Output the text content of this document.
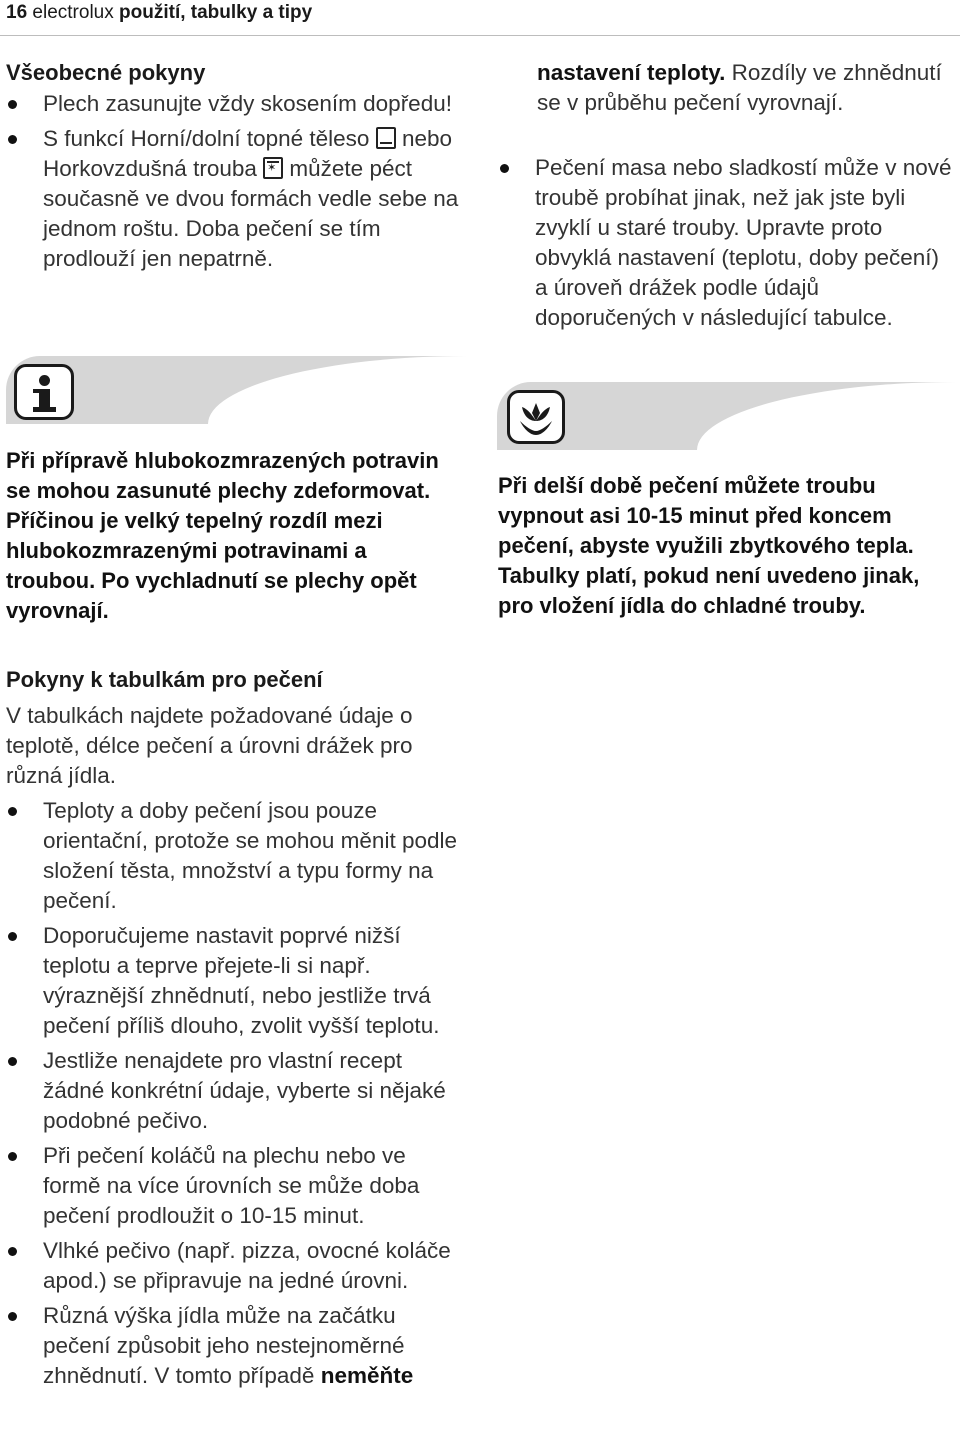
16 electrolux použití, tabulky a tipy
Všeobecné pokyny
Plech zasunujte vždy skosením dopředu!
S funkcí Horní/dolní topné těleso nebo Horkovzdušná trouba ✶ můžete péct současně ve dvou formách vedle sebe na jednom roštu. Doba pečení se tím prodlouží jen nepatrně.
Při přípravě hlubokozmrazených potravin se mohou zasunuté plechy zdeformovat. Příčinou je velký tepelný rozdíl mezi hlubokozmrazenými potravinami a troubou. Po vychladnutí se plechy opět vyrovnají.
Pokyny k tabulkám pro pečení
V tabulkách najdete požadované údaje o teplotě, délce pečení a úrovni drážek pro různá jídla.
Teploty a doby pečení jsou pouze orientační, protože se mohou měnit podle složení těsta, množství a typu formy na pečení.
Doporučujeme nastavit poprvé nižší teplotu a teprve přejete-li si např. výraznější zhnědnutí, nebo jestliže trvá pečení příliš dlouho, zvolit vyšší teplotu.
Jestliže nenajdete pro vlastní recept žádné konkrétní údaje, vyberte si nějaké podobné pečivo.
Při pečení koláčů na plechu nebo ve formě na více úrovních se může doba pečení prodloužit o 10-15 minut.
Vlhké pečivo (např. pizza, ovocné koláče apod.) se připravuje na jedné úrovni.
Různá výška jídla může na začátku pečení způsobit jeho nestejnoměrné zhnědnutí. V tomto případě neměňte
nastavení teploty. Rozdíly ve zhnědnutí se v průběhu pečení vyrovnají.
Pečení masa nebo sladkostí může v nové troubě probíhat jinak, než jak jste byli zvyklí u staré trouby. Upravte proto obvyklá nastavení (teplotu, doby pečení) a úroveň drážek podle údajů doporučených v následující tabulce.
Při delší době pečení můžete troubu vypnout asi 10-15 minut před koncem pečení, abyste využili zbytkového tepla.
Tabulky platí, pokud není uvedeno jinak, pro vložení jídla do chladné trouby.
